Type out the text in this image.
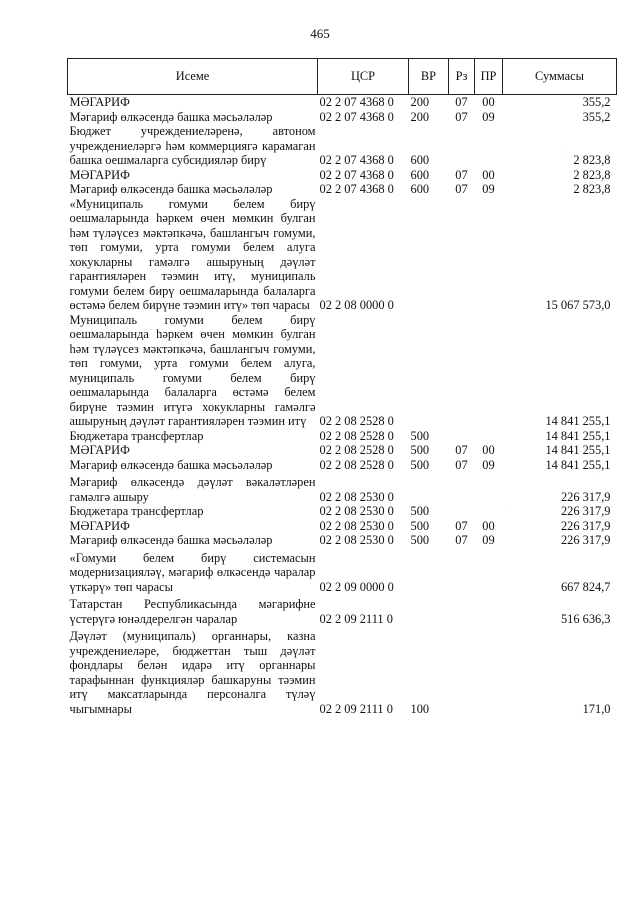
465
Исеме	ЦСР	ВР	Рз	ПР	Суммасы
МӘГАРИФ	02 2 07 4368 0	200	07	00	355,2
Мәгариф өлкәсендә башка мәсьәләләр	02 2 07 4368 0	200	07	09	355,2
Бюджет учреждениеләренә, автоном учреждениеләргә һәм коммерциягә карамаган башка оешмаларга субсидияләр бирү	02 2 07 4368 0	600			2 823,8
МӘГАРИФ	02 2 07 4368 0	600	07	00	2 823,8
Мәгариф өлкәсендә башка мәсьәләләр	02 2 07 4368 0	600	07	09	2 823,8
«Муниципаль гомуми белем бирү оешмаларында һәркем өчен мөмкин булган һәм түләүсез мәктәпкәчә, башлангыч гомуми, төп гомуми, урта гомуми белем алуга хокукларны гамәлгә ашыруның дәүләт гарантияләрен тәэмин итү, муниципаль гомуми белем бирү оешмаларында балаларга өстәмә белем бирүне тәэмин итү» төп чарасы	02 2 08 0000 0				15 067 573,0
Муниципаль гомуми белем бирү оешмаларында һәркем өчен мөмкин булган һәм түләүсез мәктәпкәчә, башлангыч гомуми, төп гомуми, урта гомуми белем алуга, муниципаль гомуми белем бирү оешмаларында балаларга өстәмә белем бирүне тәэмин итүгә хокукларны гамәлгә ашыруның дәүләт гарантияләрен тәэмин итү	02 2 08 2528 0				14 841 255,1
Бюджетара трансфертлар	02 2 08 2528 0	500			14 841 255,1
МӘГАРИФ	02 2 08 2528 0	500	07	00	14 841 255,1
Мәгариф өлкәсендә башка мәсьәләләр	02 2 08 2528 0	500	07	09	14 841 255,1
Мәгариф өлкәсендә дәүләт вәкаләтләрен гамәлгә ашыру	02 2 08 2530 0				226 317,9
Бюджетара трансфертлар	02 2 08 2530 0	500			226 317,9
МӘГАРИФ	02 2 08 2530 0	500	07	00	226 317,9
Мәгариф өлкәсендә башка мәсьәләләр	02 2 08 2530 0	500	07	09	226 317,9
«Гомуми белем бирү системасын модернизацияләү, мәгариф өлкәсендә чаралар үткәрү» төп чарасы	02 2 09 0000 0				667 824,7
Татарстан Республикасында мәгарифне үстерүгә юнәлдерелгән чаралар	02 2 09 2111 0				516 636,3
Дәүләт (муниципаль) органнары, казна учреждениеләре, бюджеттан тыш дәүләт фондлары белән идарә итү органнары тарафыннан функцияләр башкаруны тәэмин итү максатларында персоналга түләү чыгымнары	02 2 09 2111 0	100			171,0
·
·
·
